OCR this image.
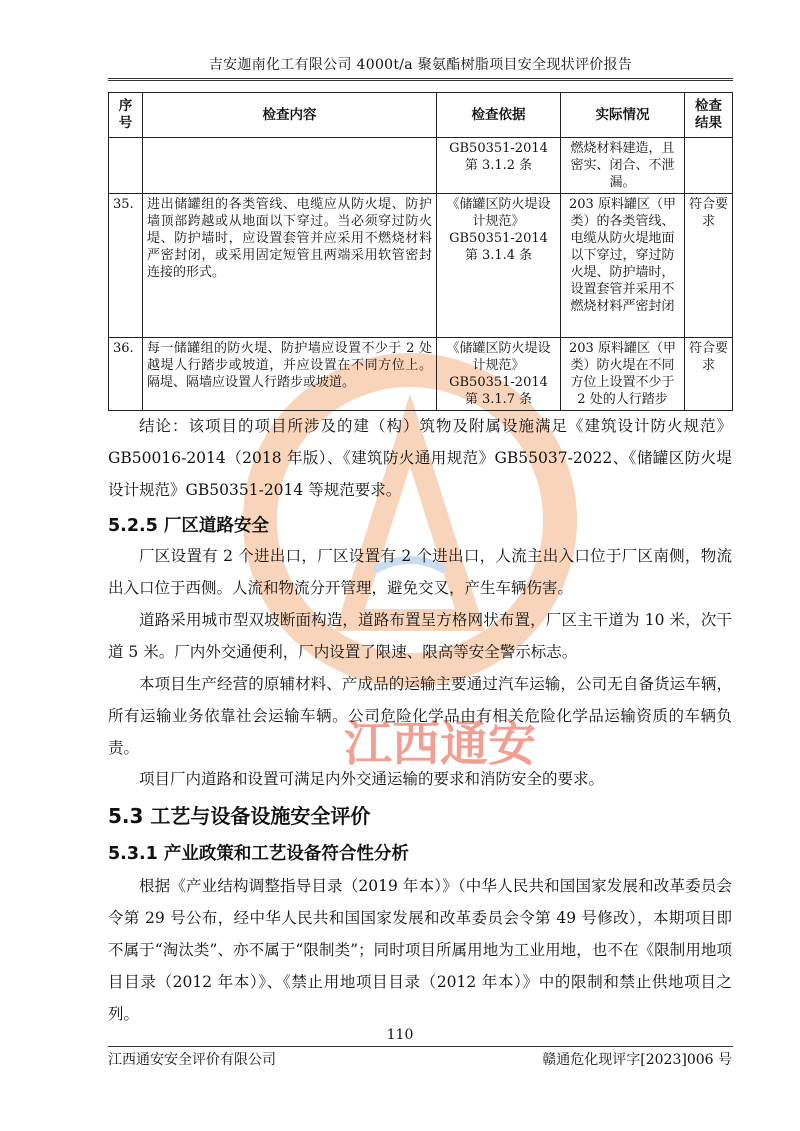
吉安迦南化工有限公司 4000t/a 聚氨酯树脂项目安全现状评价报告
江西通安
序号	检查内容	检查依据	实际情况	检查结果
		GB50351-2014 第 3.1.2 条	燃烧材料建造，且密实、闭合、不泄漏。	
35.	进出储罐组的各类管线、电缆应从防火堤、防护墙顶部跨越或从地面以下穿过。当必须穿过防火堤、防护墙时，应设置套管并应采用不燃烧材料严密封闭，或采用固定短管且两端采用软管密封连接的形式。	《储罐区防火堤设计规范》GB50351-2014 第 3.1.4 条	203 原料罐区（甲类）的各类管线、电缆从防火堤地面以下穿过，穿过防火堤、防护墙时，设置套管并采用不燃烧材料严密封闭	符合要求
36.	每一储罐组的防火堤、防护墙应设置不少于 2 处越堤人行踏步或坡道，并应设置在不同方位上。隔堤、隔墙应设置人行踏步或坡道。	《储罐区防火堤设计规范》GB50351-2014 第 3.1.7 条	203 原料罐区（甲类）防火堤在不同方位上设置不少于 2 处的人行踏步	符合要求
结论：该项目的项目所涉及的建（构）筑物及附属设施满足《建筑设计防火规范》GB50016-2014（2018 年版）、《建筑防火通用规范》GB55037-2022、《储罐区防火堤设计规范》GB50351-2014 等规范要求。
5.2.5 厂区道路安全
厂区设置有 2 个进出口，厂区设置有 2 个进出口，人流主出入口位于厂区南侧，物流出入口位于西侧。人流和物流分开管理，避免交叉，产生车辆伤害。
道路采用城市型双坡断面构造，道路布置呈方格网状布置，厂区主干道为 10 米，次干道 5 米。厂内外交通便利，厂内设置了限速、限高等安全警示标志。
本项目生产经营的原辅材料、产成品的运输主要通过汽车运输，公司无自备货运车辆，所有运输业务依靠社会运输车辆。公司危险化学品由有相关危险化学品运输资质的车辆负责。
项目厂内道路和设置可满足内外交通运输的要求和消防安全的要求。
5.3 工艺与设备设施安全评价
5.3.1 产业政策和工艺设备符合性分析
根据《产业结构调整指导目录（2019 年本）》（中华人民共和国国家发展和改革委员会令第 29 号公布，经中华人民共和国国家发展和改革委员会令第 49 号修改），本期项目即不属于“淘汰类”、亦不属于“限制类”；同时项目所属用地为工业用地，也不在《限制用地项目目录（2012 年本）》、《禁止用地项目目录（2012 年本）》中的限制和禁止供地项目之列。
110
江西通安安全评价有限公司	赣通危化现评字[2023]006 号
